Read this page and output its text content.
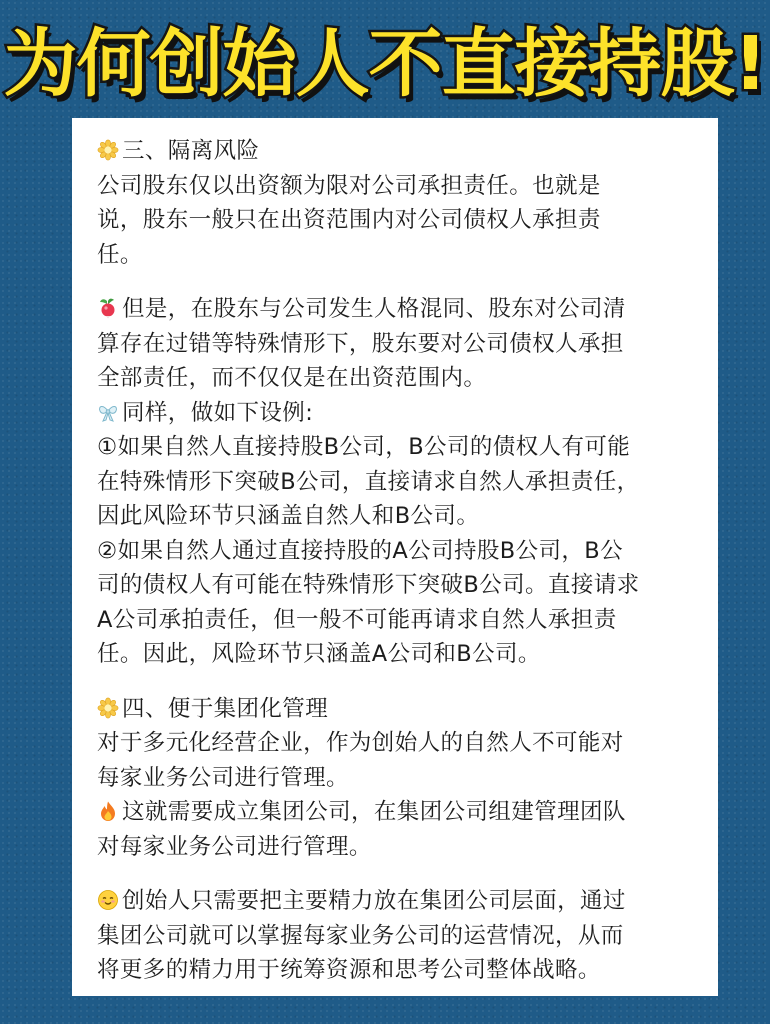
为何创始人不直接持股!
三、隔离风险
公司股东仅以出资额为限对公司承担责任。也就是
说，股东一般只在出资范围内对公司债权人承担责
任。
但是，在股东与公司发生人格混同、股东对公司清
算存在过错等特殊情形下，股东要对公司债权人承担
全部责任，而不仅仅是在出资范围内。
同样，做如下设例:
①如果自然人直接持股B公司，B公司的债权人有可能
在特殊情形下突破B公司，直接请求自然人承担责任，
因此风险环节只涵盖自然人和B公司。
②如果自然人通过直接持股的A公司持股B公司，B公
司的债权人有可能在特殊情形下突破B公司。直接请求
A公司承拍责任，但一般不可能再请求自然人承担责
任。因此，风险环节只涵盖A公司和B公司。
四、便于集团化管理
对于多元化经营企业，作为创始人的自然人不可能对
每家业务公司进行管理。
这就需要成立集团公司，在集团公司组建管理团队
对每家业务公司进行管理。
创始人只需要把主要精力放在集团公司层面，通过
集团公司就可以掌握每家业务公司的运营情况，从而
将更多的精力用于统筹资源和思考公司整体战略。
